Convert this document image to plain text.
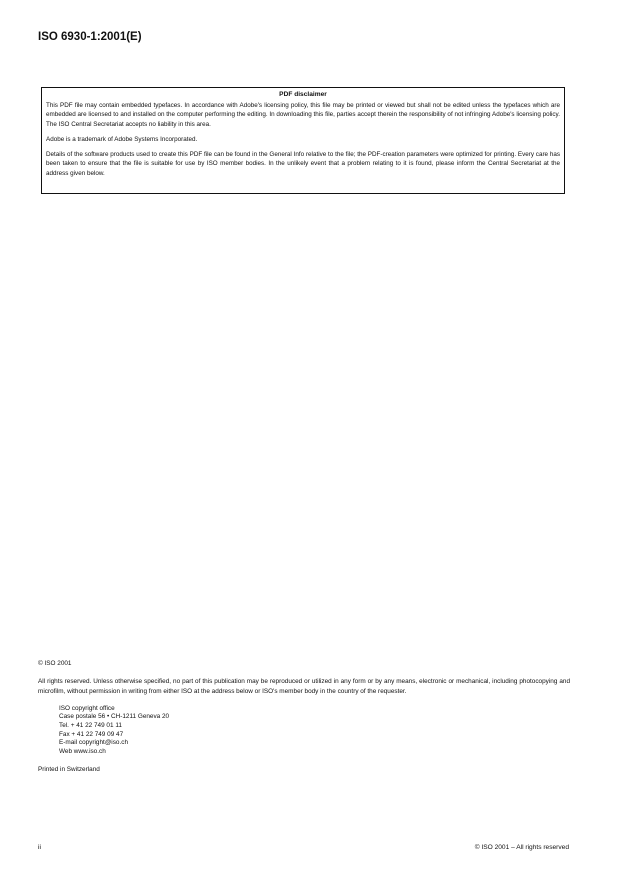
ISO 6930-1:2001(E)
PDF disclaimer

This PDF file may contain embedded typefaces. In accordance with Adobe's licensing policy, this file may be printed or viewed but shall not be edited unless the typefaces which are embedded are licensed to and installed on the computer performing the editing. In downloading this file, parties accept therein the responsibility of not infringing Adobe's licensing policy. The ISO Central Secretariat accepts no liability in this area.

Adobe is a trademark of Adobe Systems Incorporated.

Details of the software products used to create this PDF file can be found in the General Info relative to the file; the PDF-creation parameters were optimized for printing. Every care has been taken to ensure that the file is suitable for use by ISO member bodies. In the unlikely event that a problem relating to it is found, please inform the Central Secretariat at the address given below.

© ISO 2001

All rights reserved. Unless otherwise specified, no part of this publication may be reproduced or utilized in any form or by any means, electronic or mechanical, including photocopying and microfilm, without permission in writing from either ISO at the address below or ISO's member body in the country of the requester.

ISO copyright office
Case postale 56 • CH-1211 Geneva 20
Tel. + 41 22 749 01 11
Fax + 41 22 749 09 47
E-mail copyright@iso.ch
Web www.iso.ch

Printed in Switzerland

ii	© ISO 2001 – All rights reserved
